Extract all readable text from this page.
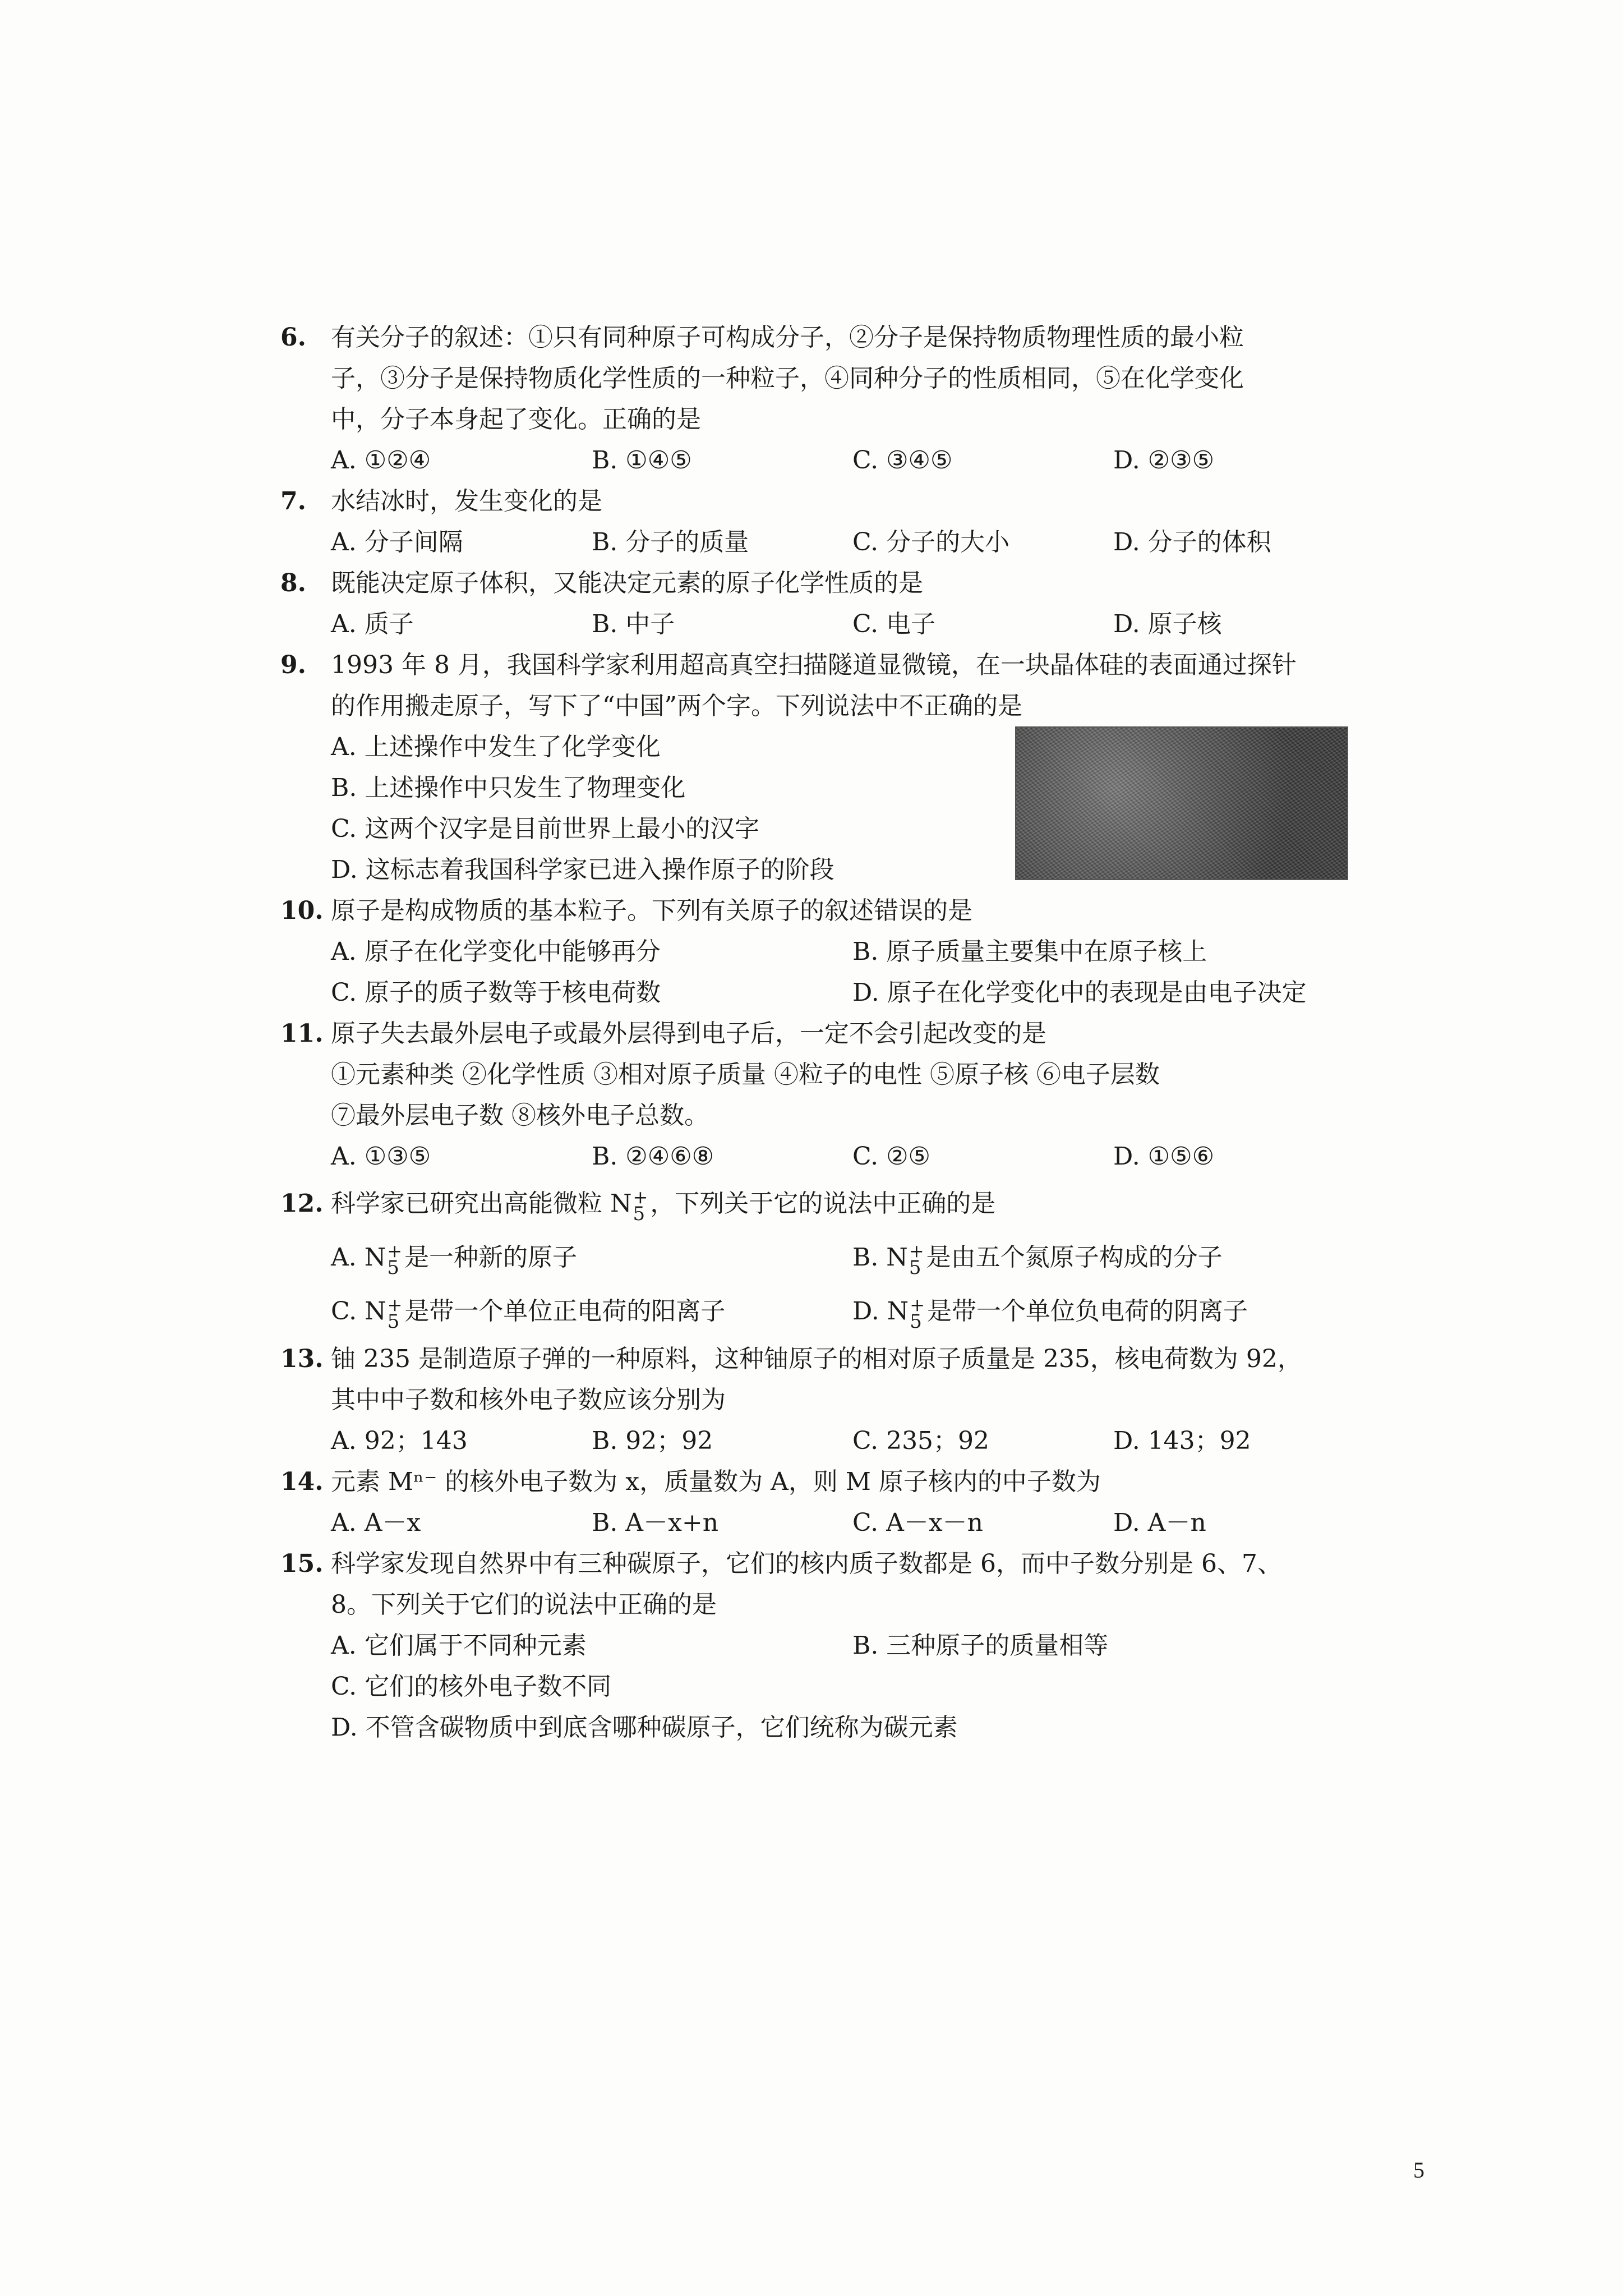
6. 有关分子的叙述：①只有同种原子可构成分子，②分子是保持物质物理性质的最小粒
子，③分子是保持物质化学性质的一种粒子，④同种分子的性质相同，⑤在化学变化
中，分子本身起了变化。正确的是
A. ①②④	B. ①④⑤	C. ③④⑤	D. ②③⑤
7. 水结冰时，发生变化的是
A. 分子间隔	B. 分子的质量	C. 分子的大小	D. 分子的体积
8. 既能决定原子体积，又能决定元素的原子化学性质的是
A. 质子	B. 中子	C. 电子	D. 原子核
9. 1993 年 8 月，我国科学家利用超高真空扫描隧道显微镜，在一块晶体硅的表面通过探针
的作用搬走原子，写下了“中国”两个字。下列说法中不正确的是
A. 上述操作中发生了化学变化
B. 上述操作中只发生了物理变化
C. 这两个汉字是目前世界上最小的汉字
D. 这标志着我国科学家已进入操作原子的阶段
10. 原子是构成物质的基本粒子。下列有关原子的叙述错误的是
A. 原子在化学变化中能够再分	B. 原子质量主要集中在原子核上
C. 原子的质子数等于核电荷数	D. 原子在化学变化中的表现是由电子决定
11. 原子失去最外层电子或最外层得到电子后，一定不会引起改变的是
①元素种类 ②化学性质 ③相对原子质量 ④粒子的电性 ⑤原子核 ⑥电子层数
⑦最外层电子数 ⑧核外电子总数。
A. ①③⑤	B. ②④⑥⑧	C. ②⑤	D. ①⑤⑥
12. 科学家已研究出高能微粒 N +
5 ，下列关于它的说法中正确的是
A. N +
5 是一种新的原子	B. N +
5 是由五个氮原子构成的分子
C. N +
5 是带一个单位正电荷的阳离子	D. N +
5 是带一个单位负电荷的阴离子
13. 铀 235 是制造原子弹的一种原料，这种铀原子的相对原子质量是 235，核电荷数为 92，
其中中子数和核外电子数应该分别为
A. 92；143	B. 92；92	C. 235；92	D. 143；92
14. 元素 Mⁿ⁻ 的核外电子数为 x，质量数为 A，则 M 原子核内的中子数为
A. A－x	B. A－x+n	C. A－x－n	D. A－n
15. 科学家发现自然界中有三种碳原子，它们的核内质子数都是 6，而中子数分别是 6、7、
8。下列关于它们的说法中正确的是
A. 它们属于不同种元素	B. 三种原子的质量相等
C. 它们的核外电子数不同
D. 不管含碳物质中到底含哪种碳原子，它们统称为碳元素
5
